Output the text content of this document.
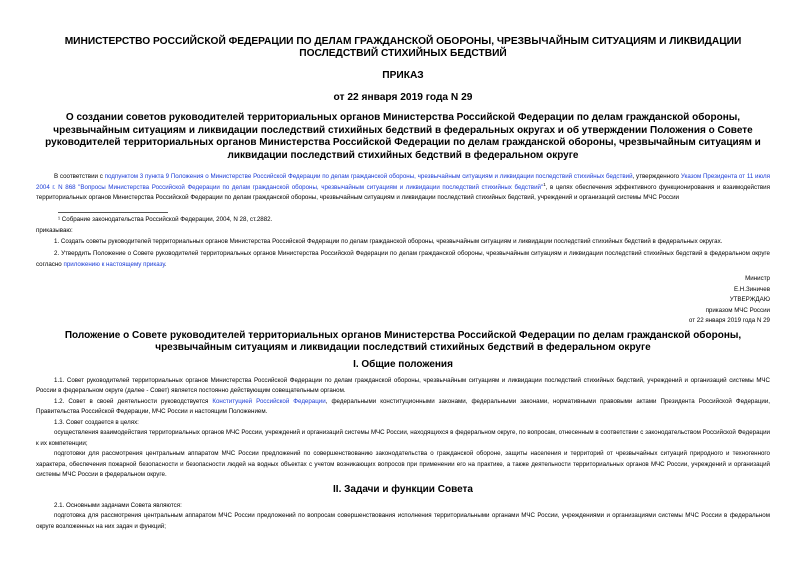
МИНИСТЕРСТВО РОССИЙСКОЙ ФЕДЕРАЦИИ ПО ДЕЛАМ ГРАЖДАНСКОЙ ОБОРОНЫ, ЧРЕЗВЫЧАЙНЫМ СИТУАЦИЯМ И ЛИКВИДАЦИИ ПОСЛЕДСТВИЙ СТИХИЙНЫХ БЕДСТВИЙ
ПРИКАЗ
от 22 января 2019 года N 29
О создании советов руководителей территориальных органов Министерства Российской Федерации по делам гражданской обороны, чрезвычайным ситуациям и ликвидации последствий стихийных бедствий в федеральных округах и об утверждении Положения о Совете руководителей территориальных органов Министерства Российской Федерации по делам гражданской обороны, чрезвычайным ситуациям и ликвидации последствий стихийных бедствий в федеральном округе

В соответствии с подпунктом 3 пункта 9 Положения о Министерстве Российской Федерации по делам гражданской обороны, чрезвычайным ситуациям и ликвидации последствий стихийных бедствий, утвержденного Указом Президента от 11 июля 2004 г. N 868 "Вопросы Министерства Российской Федерации по делам гражданской обороны, чрезвычайным ситуациям и ликвидации последствий стихийных бедствий"$^1$, в целях обеспечения эффективного функционирования и взаимодействия территориальных органов Министерства Российской Федерации по делам гражданской обороны, чрезвычайным ситуациям и ликвидации последствий стихийных бедствий, учреждений и организаций системы МЧС России

¹ Собрание законодательства Российской Федерации, 2004, N 28, ст.2882.

приказываю:

1. Создать советы руководителей территориальных органов Министерства Российской Федерации по делам гражданской обороны, чрезвычайным ситуациям и ликвидации последствий стихийных бедствий в федеральных округах.

2. Утвердить Положение о Совете руководителей территориальных органов Министерства Российской Федерации по делам гражданской обороны, чрезвычайным ситуациям и ликвидации последствий стихийных бедствий в федеральном округе согласно приложению к настоящему приказу.

Министр

Е.Н.Зиничев

УТВЕРЖДАЮ

приказом МЧС России

от 22 января 2019 года N 29

Положение о Совете руководителей территориальных органов Министерства Российской Федерации по делам гражданской обороны, чрезвычайным ситуациям и ликвидации последствий стихийных бедствий в федеральном округе
I. Общие положения

1.1. Совет руководителей территориальных органов Министерства Российской Федерации по делам гражданской обороны, чрезвычайным ситуациям и ликвидации последствий стихийных бедствий, учреждений и организаций системы МЧС России в федеральном округе (далее - Совет) является постоянно действующим совещательным органом.

1.2. Совет в своей деятельности руководствуется Конституцией Российской Федерации, федеральными конституционными законами, федеральными законами, нормативными правовыми актами Президента Российской Федерации, Правительства Российской Федерации, МЧС России и настоящим Положением.

1.3. Совет создается в целях:

осуществления взаимодействия территориальных органов МЧС России, учреждений и организаций системы МЧС России, находящихся в федеральном округе, по вопросам, отнесенным в соответствии с законодательством Российской Федерации к их компетенции;

подготовки для рассмотрения центральным аппаратом МЧС России предложений по совершенствованию законодательства о гражданской обороне, защиты населения и территорий от чрезвычайных ситуаций природного и техногенного характера, обеспечения пожарной безопасности и безопасности людей на водных объектах с учетом возникающих вопросов при применении его на практике, а также деятельности территориальных органов МЧС России, учреждений и организаций системы МЧС России в федеральном округе.

II. Задачи и функции Совета

2.1. Основными задачами Совета являются:

подготовка для рассмотрения центральным аппаратом МЧС России предложений по вопросам совершенствования исполнения территориальными органами МЧС России, учреждениями и организациями системы МЧС России в федеральном округе возложенных на них задач и функций;
